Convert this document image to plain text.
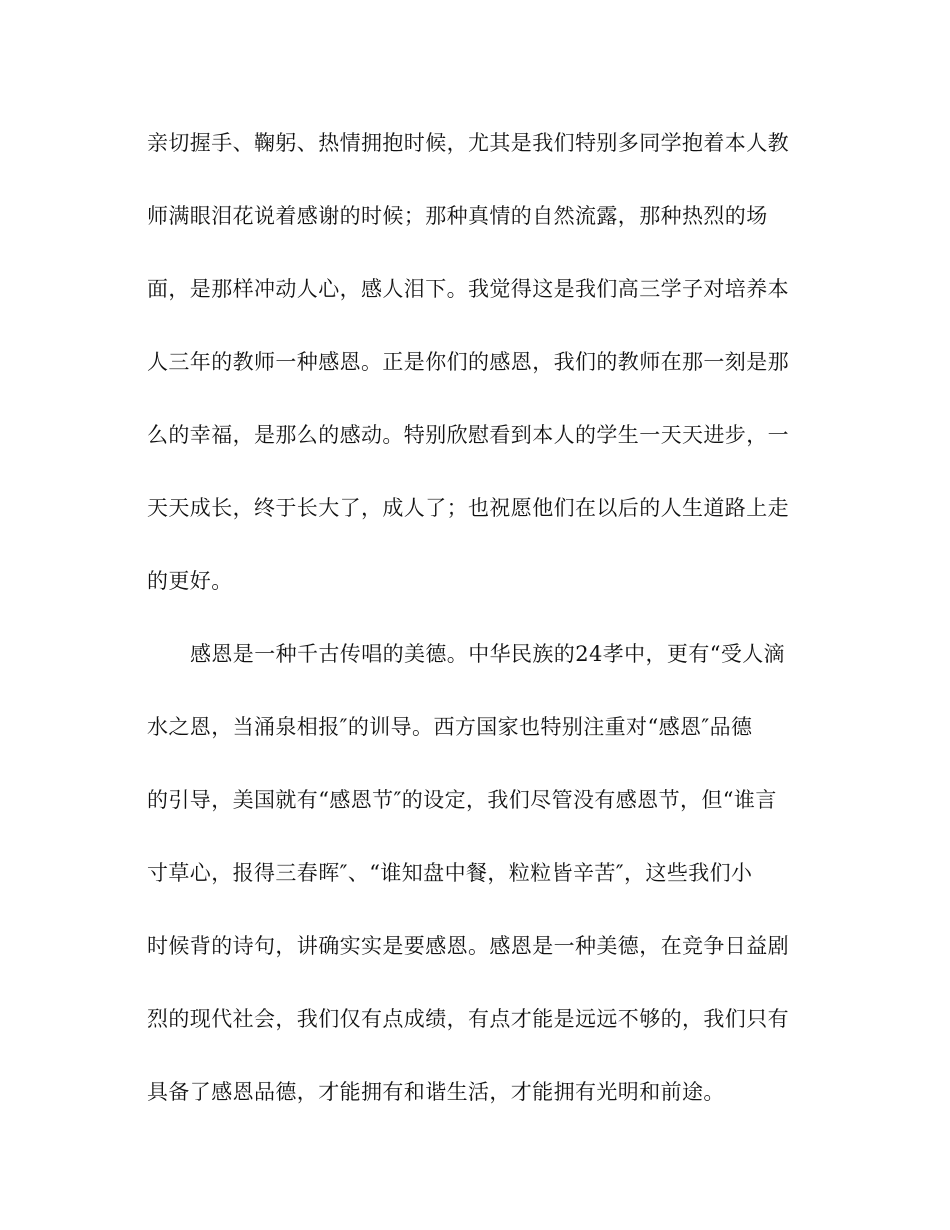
亲切握手、鞠躬、热情拥抱时候，尤其是我们特别多同学抱着本人教
师满眼泪花说着感谢的时候；那种真情的自然流露，那种热烈的场
面，是那样冲动人心，感人泪下。我觉得这是我们高三学子对培养本
人三年的教师一种感恩。正是你们的感恩，我们的教师在那一刻是那
么的幸福，是那么的感动。特别欣慰看到本人的学生一天天进步，一
天天成长，终于长大了，成人了；也祝愿他们在以后的人生道路上走
的更好。
感恩是一种千古传唱的美德。中华民族的24孝中，更有“受人滴
水之恩，当涌泉相报″的训导。西方国家也特别注重对“感恩″品德
的引导，美国就有“感恩节″的设定，我们尽管没有感恩节，但“谁言
寸草心，报得三春晖″、“谁知盘中餐，粒粒皆辛苦″，这些我们小
时候背的诗句，讲确实实是要感恩。感恩是一种美德，在竞争日益剧
烈的现代社会，我们仅有点成绩，有点才能是远远不够的，我们只有
具备了感恩品德，才能拥有和谐生活，才能拥有光明和前途。
